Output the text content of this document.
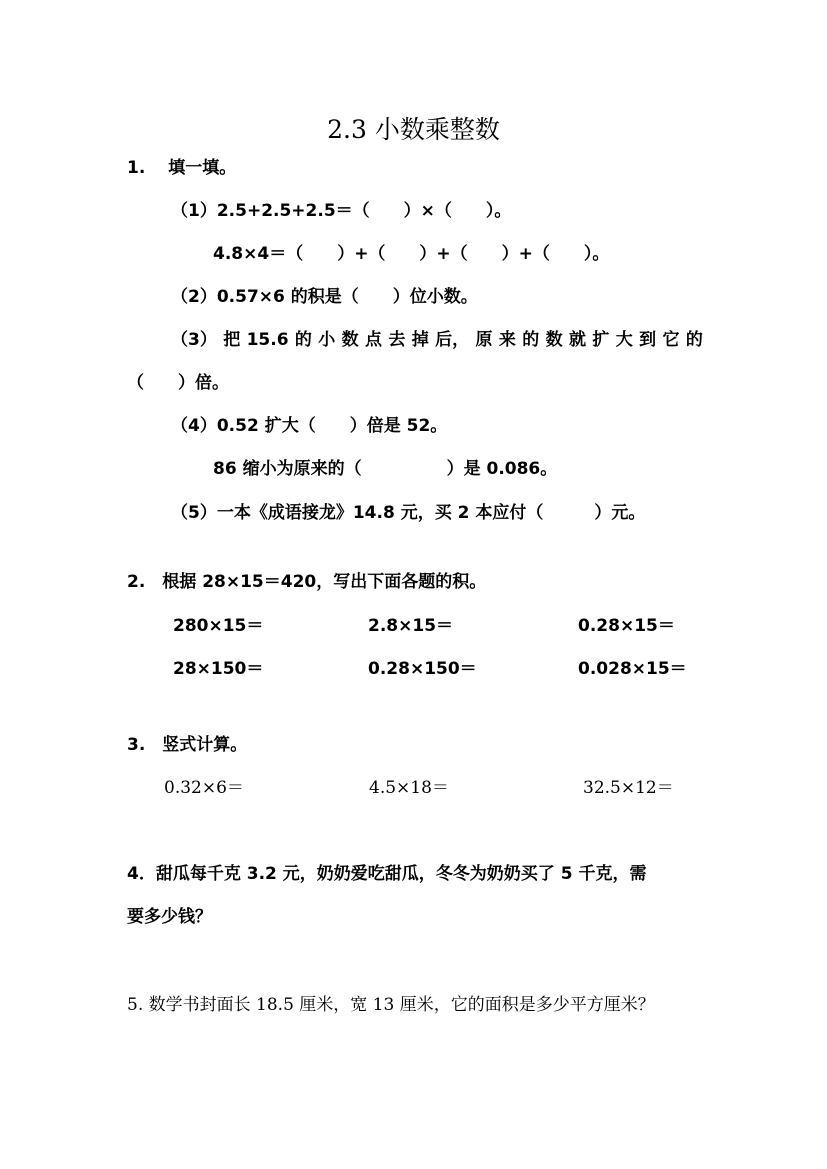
2.3 小数乘整数
1.　 填一填。
（1）2.5+2.5+2.5＝（　　）×（　　）。
4.8×4＝（　　）+（　　）+（　　）+（　　）。
（2）0.57×6 的积是（　　）位小数。
（3） 把 15.6 的 小 数 点 去 掉 后， 原 来 的 数 就 扩 大 到 它 的
（　　）倍。
（4）0.52 扩大（　　）倍是 52。
86 缩小为原来的（　　　　　）是 0.086。
（5）一本《成语接龙》14.8 元，买 2 本应付（　　　）元。
2.　根据 28×15＝420，写出下面各题的积。
280×15＝	2.8×15＝	0.28×15＝
28×150＝	0.28×150＝	0.028×15＝
3.　竖式计算。
0.32×6＝	4.5×18＝	32.5×12＝
4．甜瓜每千克 3.2 元，奶奶爱吃甜瓜，冬冬为奶奶买了 5 千克，需
要多少钱？
5. 数学书封面长 18.5 厘米，宽 13 厘米，它的面积是多少平方厘米？
